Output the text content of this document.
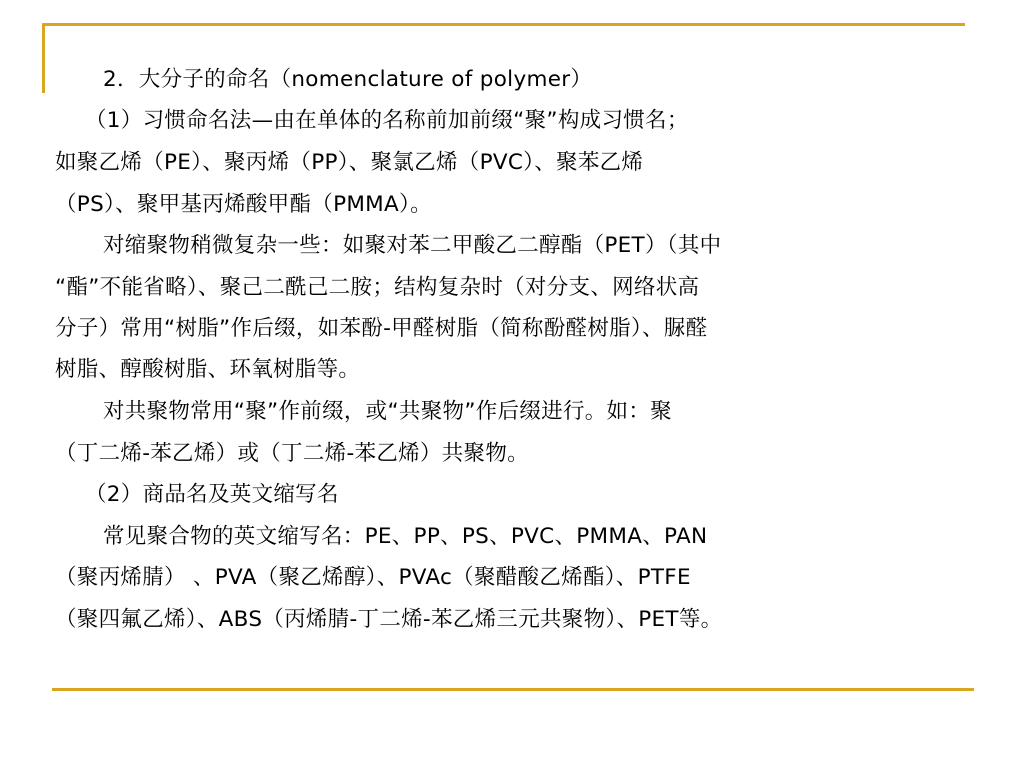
2．大分子的命名（nomenclature of polymer）
（1）习惯命名法—由在单体的名称前加前缀“聚”构成习惯名；
如聚乙烯（PE）、聚丙烯（PP）、聚氯乙烯（PVC）、聚苯乙烯
（PS）、聚甲基丙烯酸甲酯（PMMA）。
对缩聚物稍微复杂一些：如聚对苯二甲酸乙二醇酯（PET）（其中
“酯”不能省略）、聚己二酰己二胺；结构复杂时（对分支、网络状高
分子）常用“树脂”作后缀，如苯酚-甲醛树脂（简称酚醛树脂）、脲醛
树脂、醇酸树脂、环氧树脂等。
对共聚物常用“聚”作前缀，或“共聚物”作后缀进行。如：聚
（丁二烯-苯乙烯）或（丁二烯-苯乙烯）共聚物。
（2）商品名及英文缩写名
常见聚合物的英文缩写名：PE、PP、PS、PVC、PMMA、PAN
（聚丙烯腈） 、PVA（聚乙烯醇）、PVAc（聚醋酸乙烯酯）、PTFE
（聚四氟乙烯）、ABS（丙烯腈-丁二烯-苯乙烯三元共聚物）、PET等。
